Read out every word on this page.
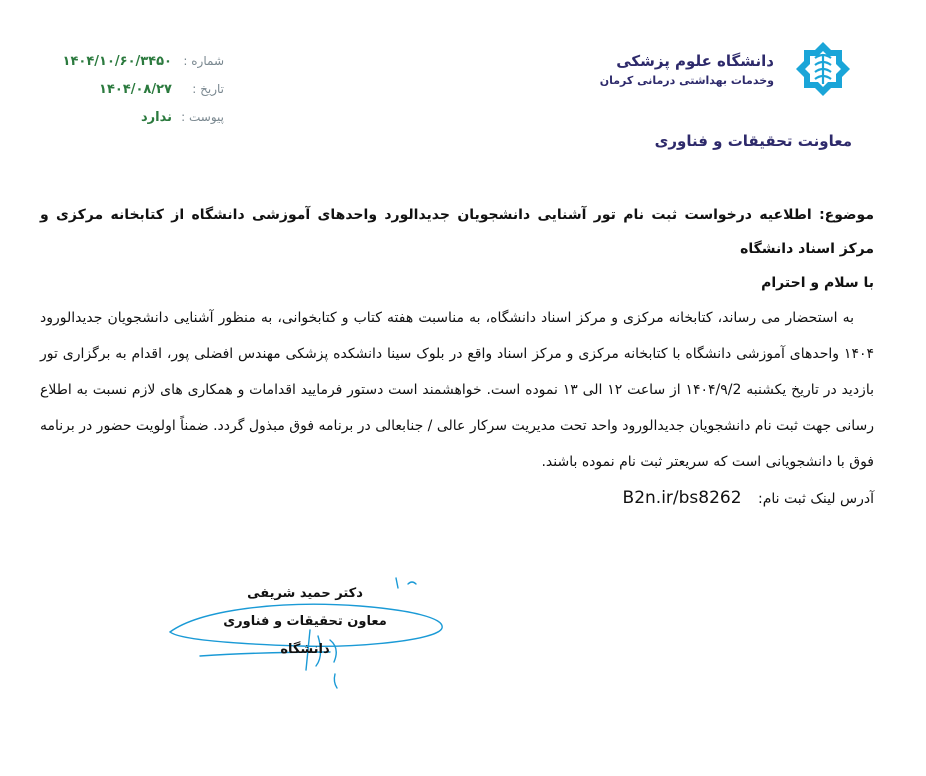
دانشگاه علوم پزشکی
وخدمات بهداشتی درمانی کرمان
معاونت تحقیقات و فناوری
شماره :
۱۴۰۴/۱۰/۶۰/۳۴۵۰
تاریخ :
۱۴۰۴/۰۸/۲۷
پیوست :
ندارد
موضوع: اطلاعیه درخواست ثبت نام تور آشنایی دانشجویان جدیدالورد واحدهای آموزشی دانشگاه از کتابخانه مرکزی و مرکز اسناد دانشگاه
با سلام و احترام
به استحضار می رساند، کتابخانه مرکزی و مرکز اسناد دانشگاه، به مناسبت هفته کتاب و کتابخوانی، به منظور آشنایی دانشجویان جدیدالورود ۱۴۰۴ واحدهای آموزشی دانشگاه با کتابخانه مرکزی و مرکز اسناد واقع در بلوک سینا دانشکده پزشکی مهندس افضلی پور، اقدام به برگزاری تور بازدید در تاریخ یکشنبه ۱۴۰۴/۹/2 از ساعت ۱۲ الی ۱۳ نموده است. خواهشمند است دستور فرمایید اقدامات و همکاری های لازم نسبت به اطلاع رسانی جهت ثبت نام دانشجویان جدیدالورود واحد تحت مدیریت سرکار عالی / جنابعالی در برنامه فوق مبذول گردد. ضمناً اولویت حضور در برنامه فوق با دانشجویانی است که سریعتر ثبت نام نموده باشند.
آدرس لینک ثبت نام: B2n.ir/bs8262
دکتر حمید شریفی
معاون تحقیقات و فناوری دانشگاه
